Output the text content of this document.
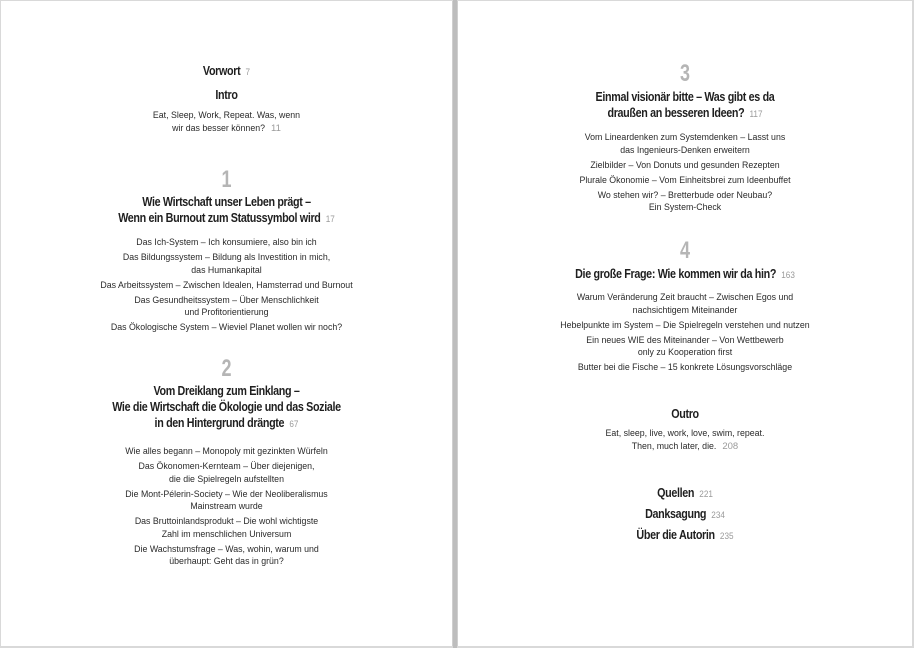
Vorwort 7
Intro

Eat, Sleep, Work, Repeat. Was, wenn
wir das besser können? 11

1
Wie Wirtschaft unser Leben prägt –
Wenn ein Burnout zum Statussymbol wird 17

Das Ich-System – Ich konsumiere, also bin ich

Das Bildungssystem – Bildung als Investition in mich,
das Humankapital

Das Arbeitssystem – Zwischen Idealen, Hamsterrad und Burnout

Das Gesundheitssystem – Über Menschlichkeit
und Profitorientierung

Das Ökologische System – Wieviel Planet wollen wir noch?

2
Vom Dreiklang zum Einklang –
Wie die Wirtschaft die Ökologie und das Soziale
in den Hintergrund drängte 67

Wie alles begann – Monopoly mit gezinkten Würfeln

Das Ökonomen-Kernteam – Über diejenigen,
die die Spielregeln aufstellten

Die Mont-Pélerin-Society – Wie der Neoliberalismus
Mainstream wurde

Das Bruttoinlandsprodukt – Die wohl wichtigste
Zahl im menschlichen Universum

Die Wachstumsfrage – Was, wohin, warum und
überhaupt: Geht das in grün?

3
Einmal visionär bitte – Was gibt es da
draußen an besseren Ideen? 117

Vom Lineardenken zum Systemdenken – Lasst uns
das Ingenieurs-Denken erweitern

Zielbilder – Von Donuts und gesunden Rezepten

Plurale Ökonomie – Vom Einheitsbrei zum Ideenbuffet

Wo stehen wir? – Bretterbude oder Neubau?
Ein System-Check

4
Die große Frage: Wie kommen wir da hin? 163

Warum Veränderung Zeit braucht – Zwischen Egos und
nachsichtigem Miteinander

Hebelpunkte im System – Die Spielregeln verstehen und nutzen

Ein neues WIE des Miteinander – Von Wettbewerb
only zu Kooperation first

Butter bei die Fische – 15 konkrete Lösungsvorschläge

Outro

Eat, sleep, live, work, love, swim, repeat.
Then, much later, die. 208

Quellen 221
Danksagung 234
Über die Autorin 235
